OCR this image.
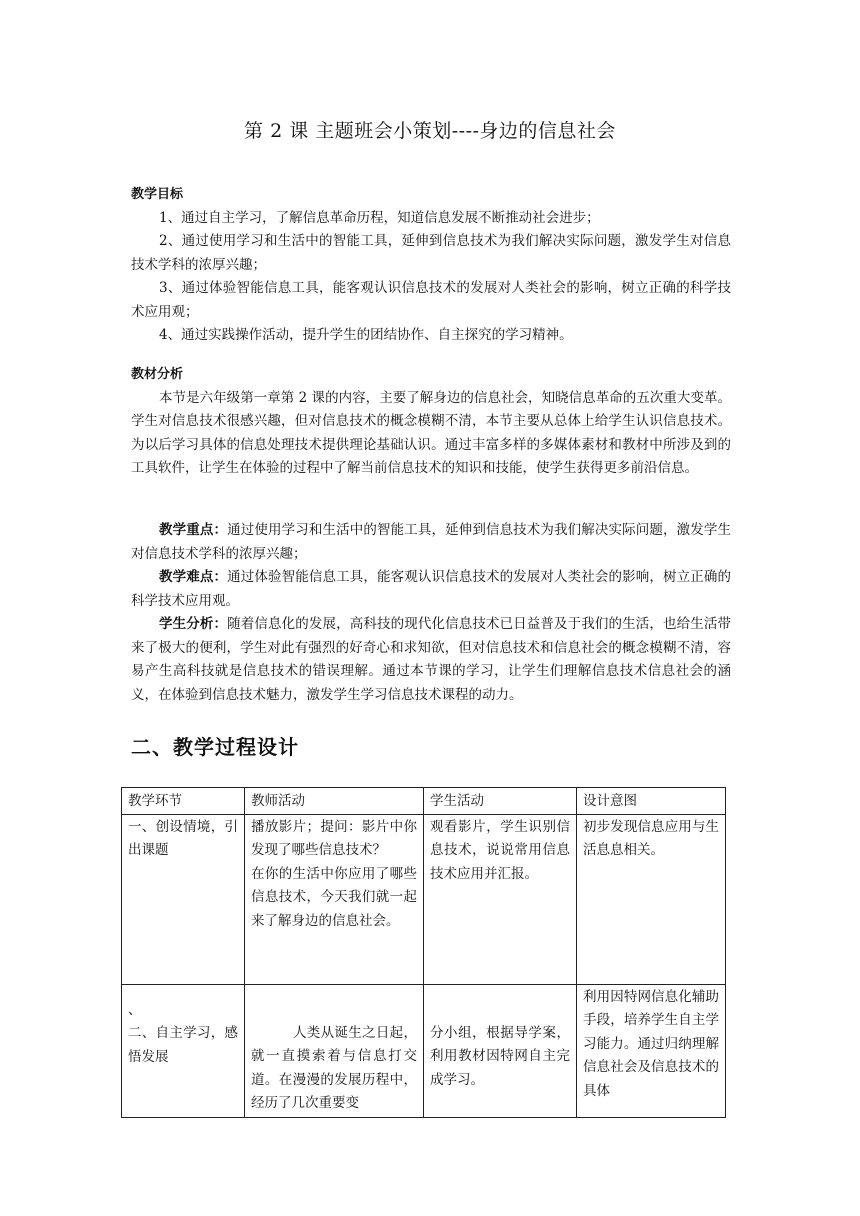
第 2 课 主题班会小策划----身边的信息社会
教学目标

1、通过自主学习，了解信息革命历程，知道信息发展不断推动社会进步；

2、通过使用学习和生活中的智能工具，延伸到信息技术为我们解决实际问题，激发学生对信息技术学科的浓厚兴趣；

3、通过体验智能信息工具，能客观认识信息技术的发展对人类社会的影响，树立正确的科学技术应用观；

4、通过实践操作活动，提升学生的团结协作、自主探究的学习精神。

教材分析

本节是六年级第一章第 2 课的内容，主要了解身边的信息社会，知晓信息革命的五次重大变革。学生对信息技术很感兴趣，但对信息技术的概念模糊不清，本节主要从总体上给学生认识信息技术。为以后学习具体的信息处理技术提供理论基础认识。通过丰富多样的多媒体素材和教材中所涉及到的工具软件，让学生在体验的过程中了解当前信息技术的知识和技能，使学生获得更多前沿信息。

教学重点：通过使用学习和生活中的智能工具，延伸到信息技术为我们解决实际问题，激发学生对信息技术学科的浓厚兴趣；

教学难点：通过体验智能信息工具，能客观认识信息技术的发展对人类社会的影响，树立正确的科学技术应用观。

学生分析：随着信息化的发展，高科技的现代化信息技术已日益普及于我们的生活，也给生活带来了极大的便利，学生对此有强烈的好奇心和求知欲，但对信息技术和信息社会的概念模糊不清，容易产生高科技就是信息技术的错误理解。通过本节课的学习，让学生们理解信息技术信息社会的涵义，在体验到信息技术魅力，激发学生学习信息技术课程的动力。

二、教学过程设计
教学环节	教师活动	学生活动	设计意图
一、创设情境，引出课题	播放影片；提问：影片中你发现了哪些信息技术？
在你的生活中你应用了哪些信息技术，今天我们就一起来了解身边的信息社会。	观看影片，学生识别信息技术，说说常用信息技术应用并汇报。	初步发现信息应用与生活息息相关。

、
二、自主学习，感悟发展	人类从诞生之日起，就一直摸索着与信息打交道。在漫漫的发展历程中，经历了几次重要变	分小组，根据导学案，利用教材因特网自主完成学习。	利用因特网信息化辅助手段，培养学生自主学习能力。通过归纳理解信息社会及信息技术的具体
